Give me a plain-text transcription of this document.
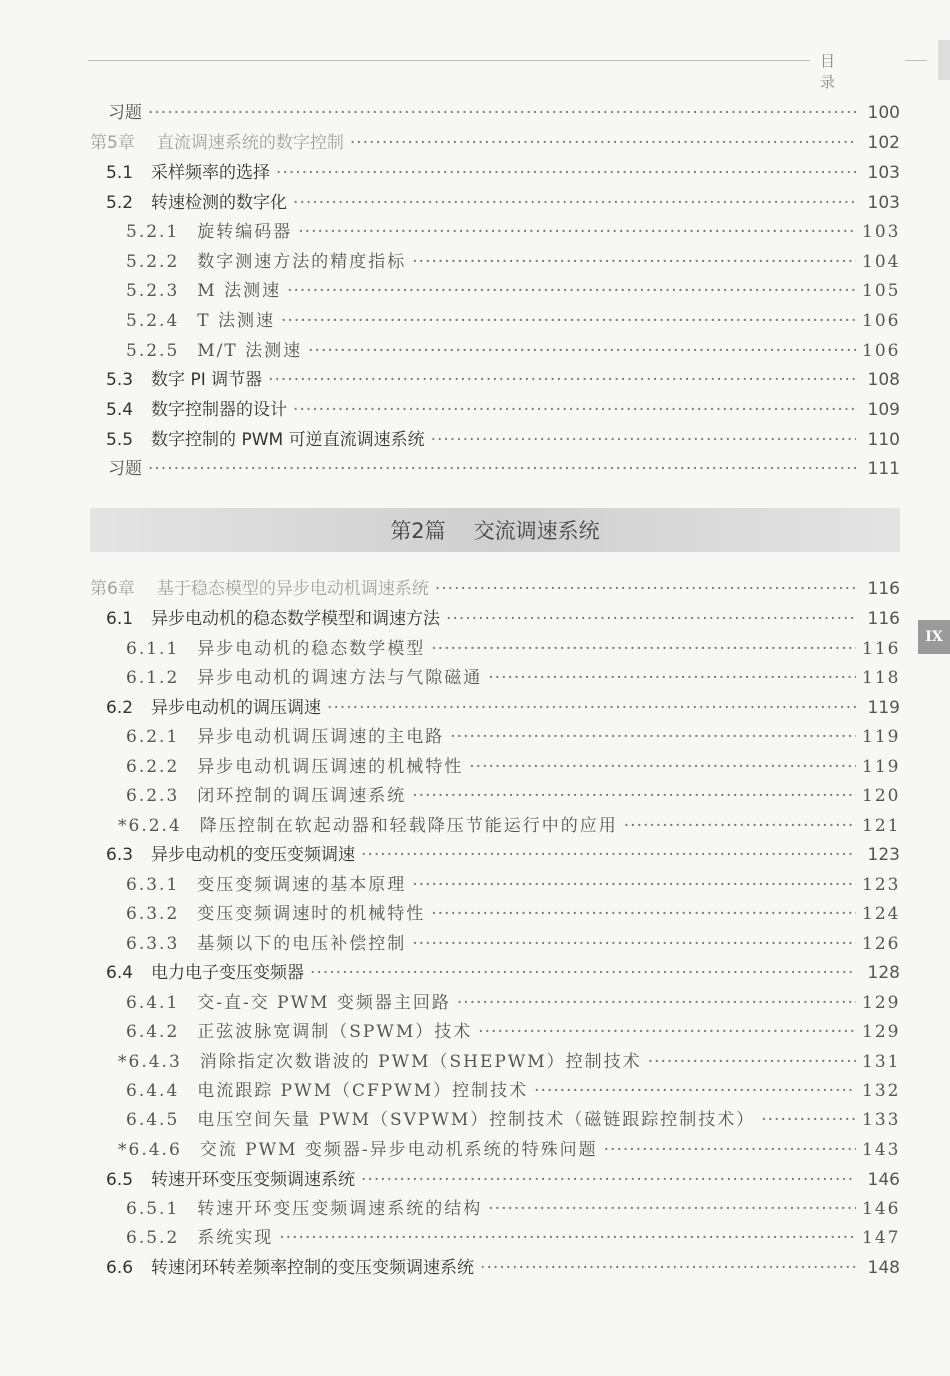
目 录
习题 ·····	100
第5章 直流调速系统的数字控制 ·····	102
5.1 采样频率的选择 ·····	103
5.2 转速检测的数字化 ·····	103
5.2.1 旋转编码器 ·····	103
5.2.2 数字测速方法的精度指标 ·····	104
5.2.3 M 法测速 ·····	105
5.2.4 T 法测速 ·····	106
5.2.5 M/T 法测速 ·····	106
5.3 数字 PI 调节器 ·····	108
5.4 数字控制器的设计 ·····	109
5.5 数字控制的 PWM 可逆直流调速系统 ·····	110
习题 ·····	111
第6章 基于稳态模型的异步电动机调速系统 ·····	116
6.1 异步电动机的稳态数学模型和调速方法 ·····	116
6.1.1 异步电动机的稳态数学模型 ·····	116
6.1.2 异步电动机的调速方法与气隙磁通 ·····	118
6.2 异步电动机的调压调速 ·····	119
6.2.1 异步电动机调压调速的主电路 ·····	119
6.2.2 异步电动机调压调速的机械特性 ·····	119
6.2.3 闭环控制的调压调速系统 ·····	120
*6.2.4 降压控制在软起动器和轻载降压节能运行中的应用 ·····	121
6.3 异步电动机的变压变频调速 ·····	123
6.3.1 变压变频调速的基本原理 ·····	123
6.3.2 变压变频调速时的机械特性 ·····	124
6.3.3 基频以下的电压补偿控制 ·····	126
6.4 电力电子变压变频器 ·····	128
6.4.1 交-直-交 PWM 变频器主回路 ·····	129
6.4.2 正弦波脉宽调制（SPWM）技术 ·····	129
*6.4.3 消除指定次数谐波的 PWM（SHEPWM）控制技术 ·····	131
6.4.4 电流跟踪 PWM（CFPWM）控制技术 ·····	132
6.4.5 电压空间矢量 PWM（SVPWM）控制技术（磁链跟踪控制技术） ·····	133
*6.4.6 交流 PWM 变频器-异步电动机系统的特殊问题 ·····	143
6.5 转速开环变压变频调速系统 ·····	146
6.5.1 转速开环变压变频调速系统的结构 ·····	146
6.5.2 系统实现 ·····	147
6.6 转速闭环转差频率控制的变压变频调速系统 ·····	148
第2篇 交流调速系统
IX
